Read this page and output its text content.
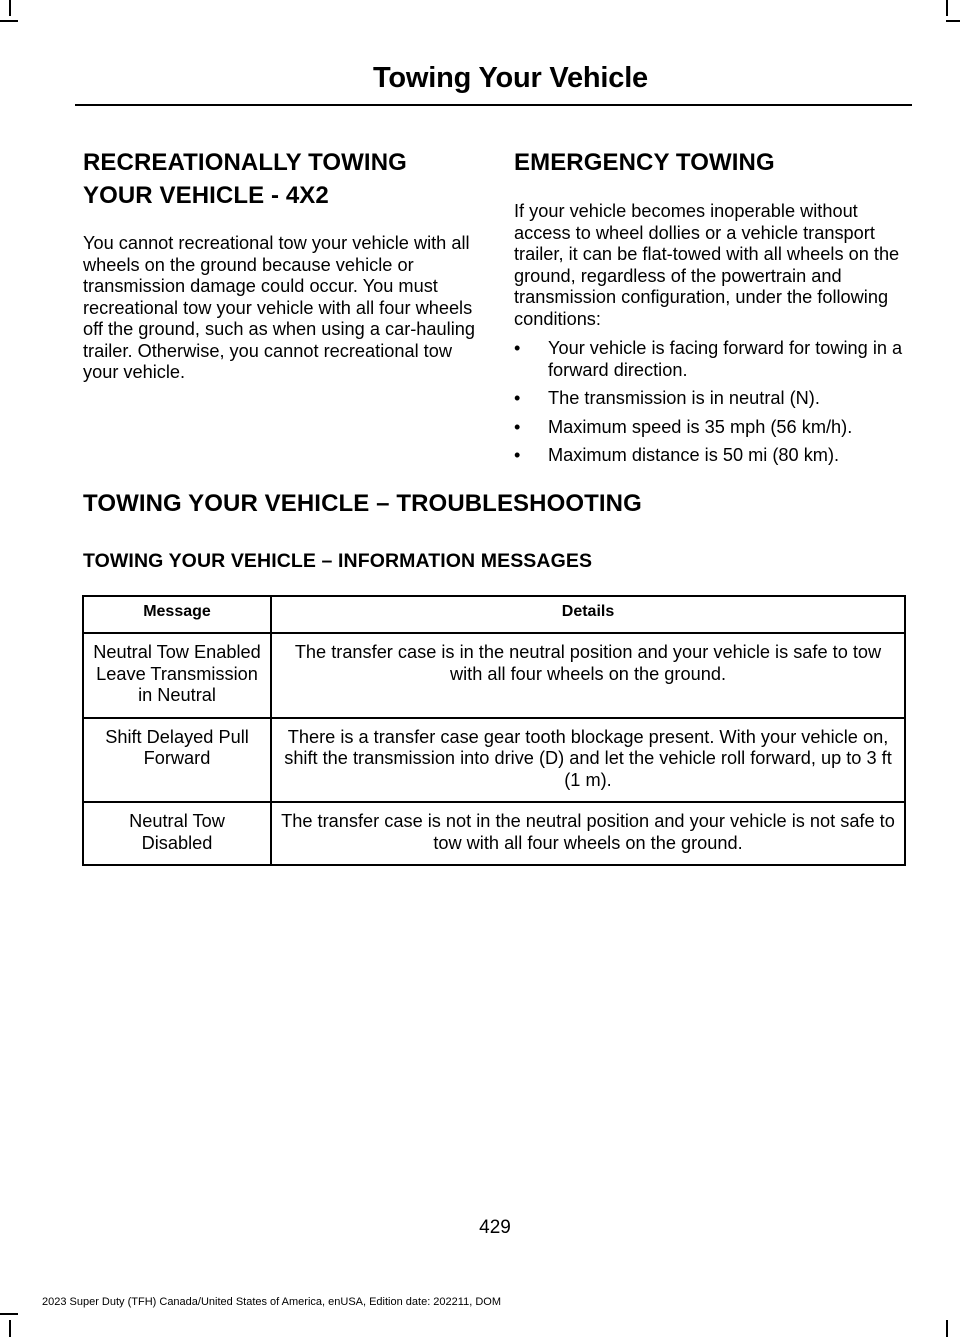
Towing Your Vehicle
RECREATIONALLY TOWING
YOUR VEHICLE - 4X2

You cannot recreational tow your vehicle with all wheels on the ground because vehicle or transmission damage could occur. You must recreational tow your vehicle with all four wheels off the ground, such as when using a car-hauling trailer. Otherwise, you cannot recreational tow your vehicle.

EMERGENCY TOWING

If your vehicle becomes inoperable without access to wheel dollies or a vehicle transport trailer, it can be flat-towed with all wheels on the ground, regardless of the powertrain and transmission configuration, under the following conditions:

• Your vehicle is facing forward for towing in a forward direction.
• The transmission is in neutral (N).
• Maximum speed is 35 mph (56 km/h).
• Maximum distance is 50 mi (80 km).
TOWING YOUR VEHICLE – TROUBLESHOOTING
TOWING YOUR VEHICLE – INFORMATION MESSAGES
Message	Details
Neutral Tow Enabled Leave Transmission in Neutral	The transfer case is in the neutral position and your vehicle is safe to tow with all four wheels on the ground.
Shift Delayed Pull Forward	There is a transfer case gear tooth blockage present. With your vehicle on, shift the transmission into drive (D) and let the vehicle roll forward, up to 3 ft (1 m).
Neutral Tow Disabled	The transfer case is not in the neutral position and your vehicle is not safe to tow with all four wheels on the ground.
429
2023 Super Duty (TFH) Canada/United States of America, enUSA, Edition date: 202211, DOM
